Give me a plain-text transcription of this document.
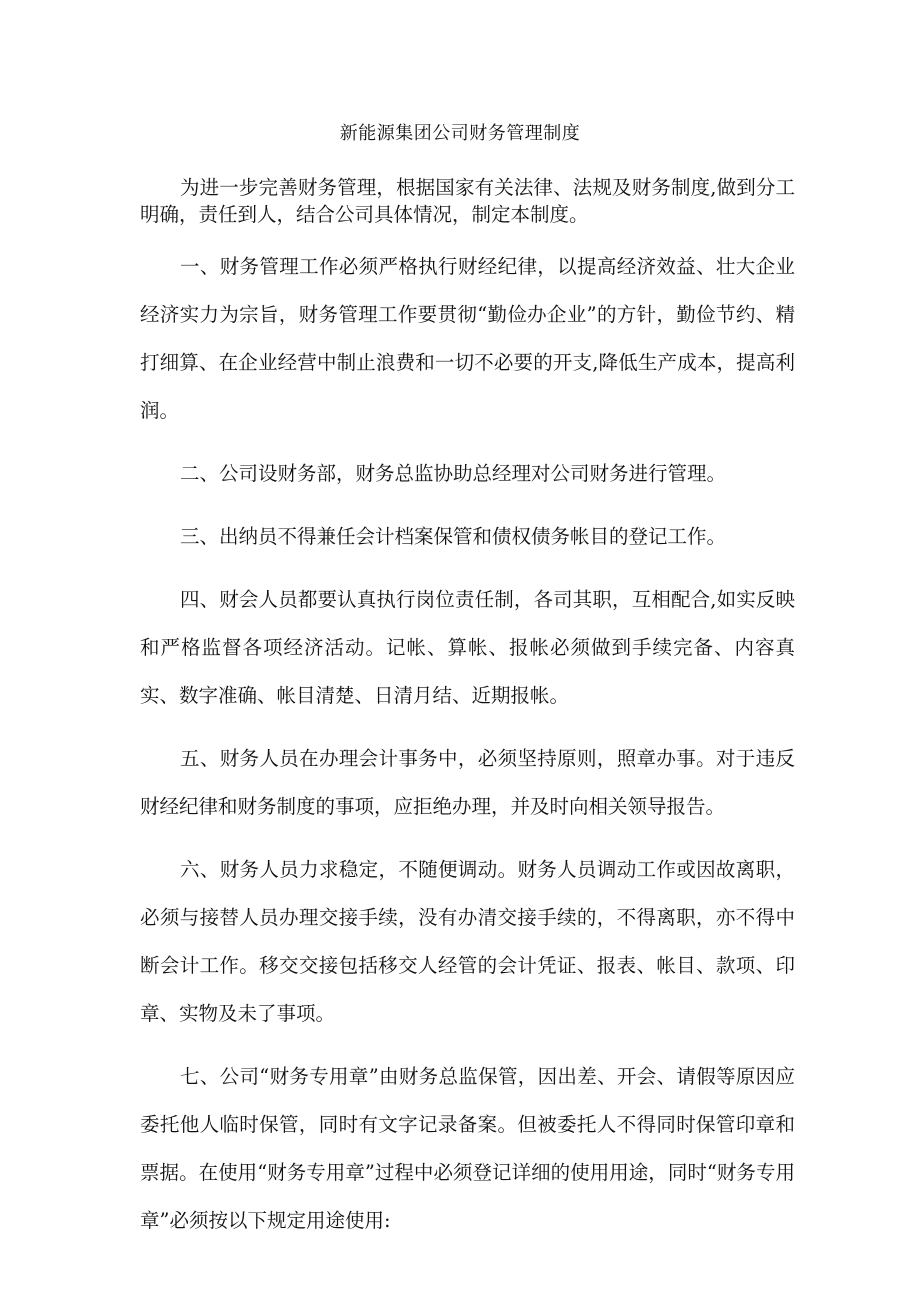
新能源集团公司财务管理制度

为进一步完善财务管理，根据国家有关法律、法规及财务制度,做到分工明确，责任到人，结合公司具体情况，制定本制度。

一、财务管理工作必须严格执行财经纪律，以提高经济效益、壮大企业经济实力为宗旨，财务管理工作要贯彻“勤俭办企业”的方针，勤俭节约、精打细算、在企业经营中制止浪费和一切不必要的开支,降低生产成本，提高利润。

二、公司设财务部，财务总监协助总经理对公司财务进行管理。

三、出纳员不得兼任会计档案保管和债权债务帐目的登记工作。

四、财会人员都要认真执行岗位责任制，各司其职，互相配合,如实反映和严格监督各项经济活动。记帐、算帐、报帐必须做到手续完备、内容真实、数字准确、帐目清楚、日清月结、近期报帐。

五、财务人员在办理会计事务中，必须坚持原则，照章办事。对于违反财经纪律和财务制度的事项，应拒绝办理，并及时向相关领导报告。

六、财务人员力求稳定，不随便调动。财务人员调动工作或因故离职，必须与接替人员办理交接手续，没有办清交接手续的，不得离职，亦不得中断会计工作。移交交接包括移交人经管的会计凭证、报表、帐目、款项、印章、实物及未了事项。

七、公司“财务专用章”由财务总监保管，因出差、开会、请假等原因应委托他人临时保管，同时有文字记录备案。但被委托人不得同时保管印章和票据。在使用“财务专用章”过程中必须登记详细的使用用途，同时“财务专用章”必须按以下规定用途使用:
